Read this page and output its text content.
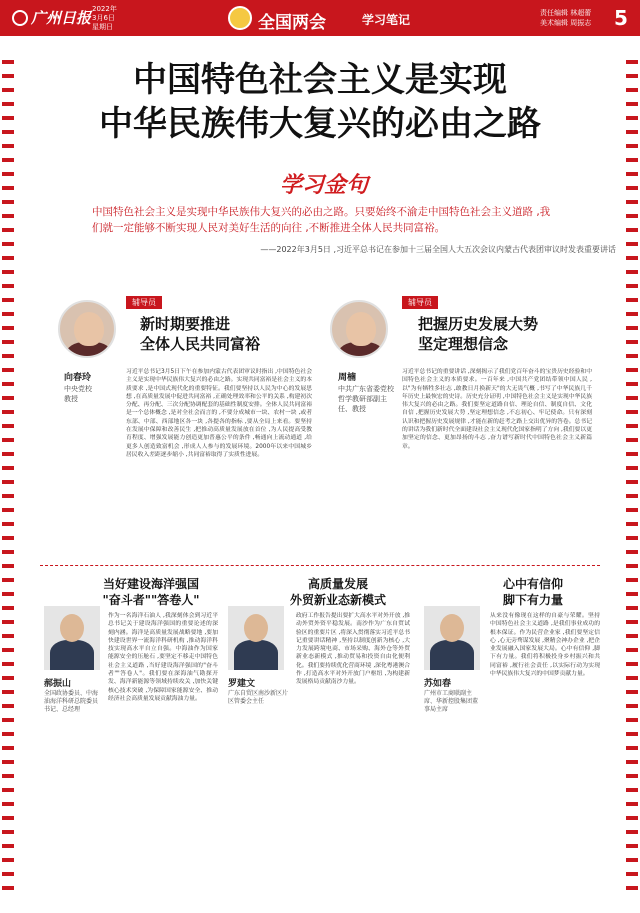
广州日报 2022年
3月6日
星期日	全国两会	学习笔记	责任编辑 林超蕾
美术编辑 周振志 5
中国特色社会主义是实现
中华民族伟大复兴的必由之路
学习金句
中国特色社会主义是实现中华民族伟大复兴的必由之路。只要始终不渝走中国特色社会主义道路 ,我们就一定能够不断实现人民对美好生活的向往 ,不断推进全体人民共同富裕。
——2022年3月5日 ,习近平总书记在参加十三届全国人大五次会议内蒙古代表团审议时发表重要讲话
辅导员
新时期要推进
全体人民共同富裕
向春玲
中央党校
教授
习近平总书记3月5日下午在参加内蒙古代表团审议时指出 ,中国特色社会主义是实现中华民族伟大复兴的必由之路。实现共同富裕是社会主义的本质要求 ,是中国式现代化的重要特征。我们要坚持以人民为中心的发展思想 ,在高质量发展中促进共同富裕 ,正确处理效率和公平的关系 ,构建初次分配、再分配、三次分配协调配套的基础性制度安排。全体人民共同富裕是一个总体概念 ,是对全社会而言的 ,不要分成城市一块、农村一块 ,或者东部、中部、西部地区各一块 ,各提各的指标 ,要从全局上来看。要坚持在发展中保障和改善民生 ,把推动高质量发展放在首位 ,为人民提高受教育程度、增强发展能力创造更加普惠公平的条件 ,畅通向上流动通道 ,给更多人创造致富机会 ,形成人人参与的发展环境。2000年以来中国城乡居民收入差距逐步缩小 ,共同富裕取得了实质性进展。
辅导员
把握历史发展大势
坚定理想信念
周楠
中共广东省委党校
哲学教研部副主任、教授
习近平总书记的重要讲话 ,深刻揭示了我们党百年奋斗的宝贵历史经验和中国特色社会主义的本质要求。一百年来 ,中国共产党团结带领中国人民 ,以"为有牺牲多壮志 ,敢教日月换新天"的大无畏气概 ,书写了中华民族几千年历史上最恢宏的史诗。历史充分证明 ,中国特色社会主义是实现中华民族伟大复兴的必由之路。我们要坚定道路自信、理论自信、制度自信、文化自信 ,把握历史发展大势 ,坚定理想信念 ,不忘初心、牢记使命。只有深刻认识和把握历史发展规律 ,才能在新的赶考之路上交出优异的答卷。总书记的讲话为我们新时代全面建设社会主义现代化国家指明了方向 ,我们要以更加坚定的信念、更加昂扬的斗志 ,奋力谱写新时代中国特色社会主义新篇章。
当好建设海洋强国
"奋斗者""答卷人"
郝振山
全国政协委员、中海油海洋科研总院委员书记、总经理
作为一名海洋石油人 ,我深刻体会到习近平总书记关于建设海洋强国的重要论述的深刻内涵。海洋是高质量发展战略要地 ,要加快建设世界一流海洋科研机构 ,推动海洋科技实现高水平自立自强。中海油作为国家能源安全的压舱石 ,要坚定不移走中国特色社会主义道路 ,当好建设海洋强国的"奋斗者""答卷人"。我们要在深海油气勘探开发、海洋新能源等领域持续攻关 ,加快关键核心技术突破 ,为保障国家能源安全、推动经济社会高质量发展贡献海油力量。
高质量发展
外贸新业态新模式
罗建文
广东自贸区南沙新区片区管委会主任
政府工作报告提出要扩大高水平对外开放 ,推动外贸外资平稳发展。南沙作为广东自贸试验区的重要片区 ,将深入贯彻落实习近平总书记重要讲话精神 ,坚持以制度创新为核心 ,大力发展跨境电商、市场采购、海外仓等外贸新业态新模式 ,推动贸易和投资自由化便利化。我们要持续优化营商环境 ,深化粤港澳合作 ,打造高水平对外开放门户枢纽 ,为构建新发展格局贡献南沙力量。
心中有信仰
脚下有力量
苏如春
广州市工商联副主席、华新控股集团董事局主席
从来没有像现在这样的自豪与荣耀。坚持中国特色社会主义道路 ,是我们事业成功的根本保证。作为民营企业家 ,我们要坚定信心 ,心无旁骛谋发展 ,聚精会神办企业 ,把企业发展融入国家发展大局。心中有信仰 ,脚下有力量。我们将积极投身乡村振兴和共同富裕 ,履行社会责任 ,以实际行动为实现中华民族伟大复兴的中国梦贡献力量。
